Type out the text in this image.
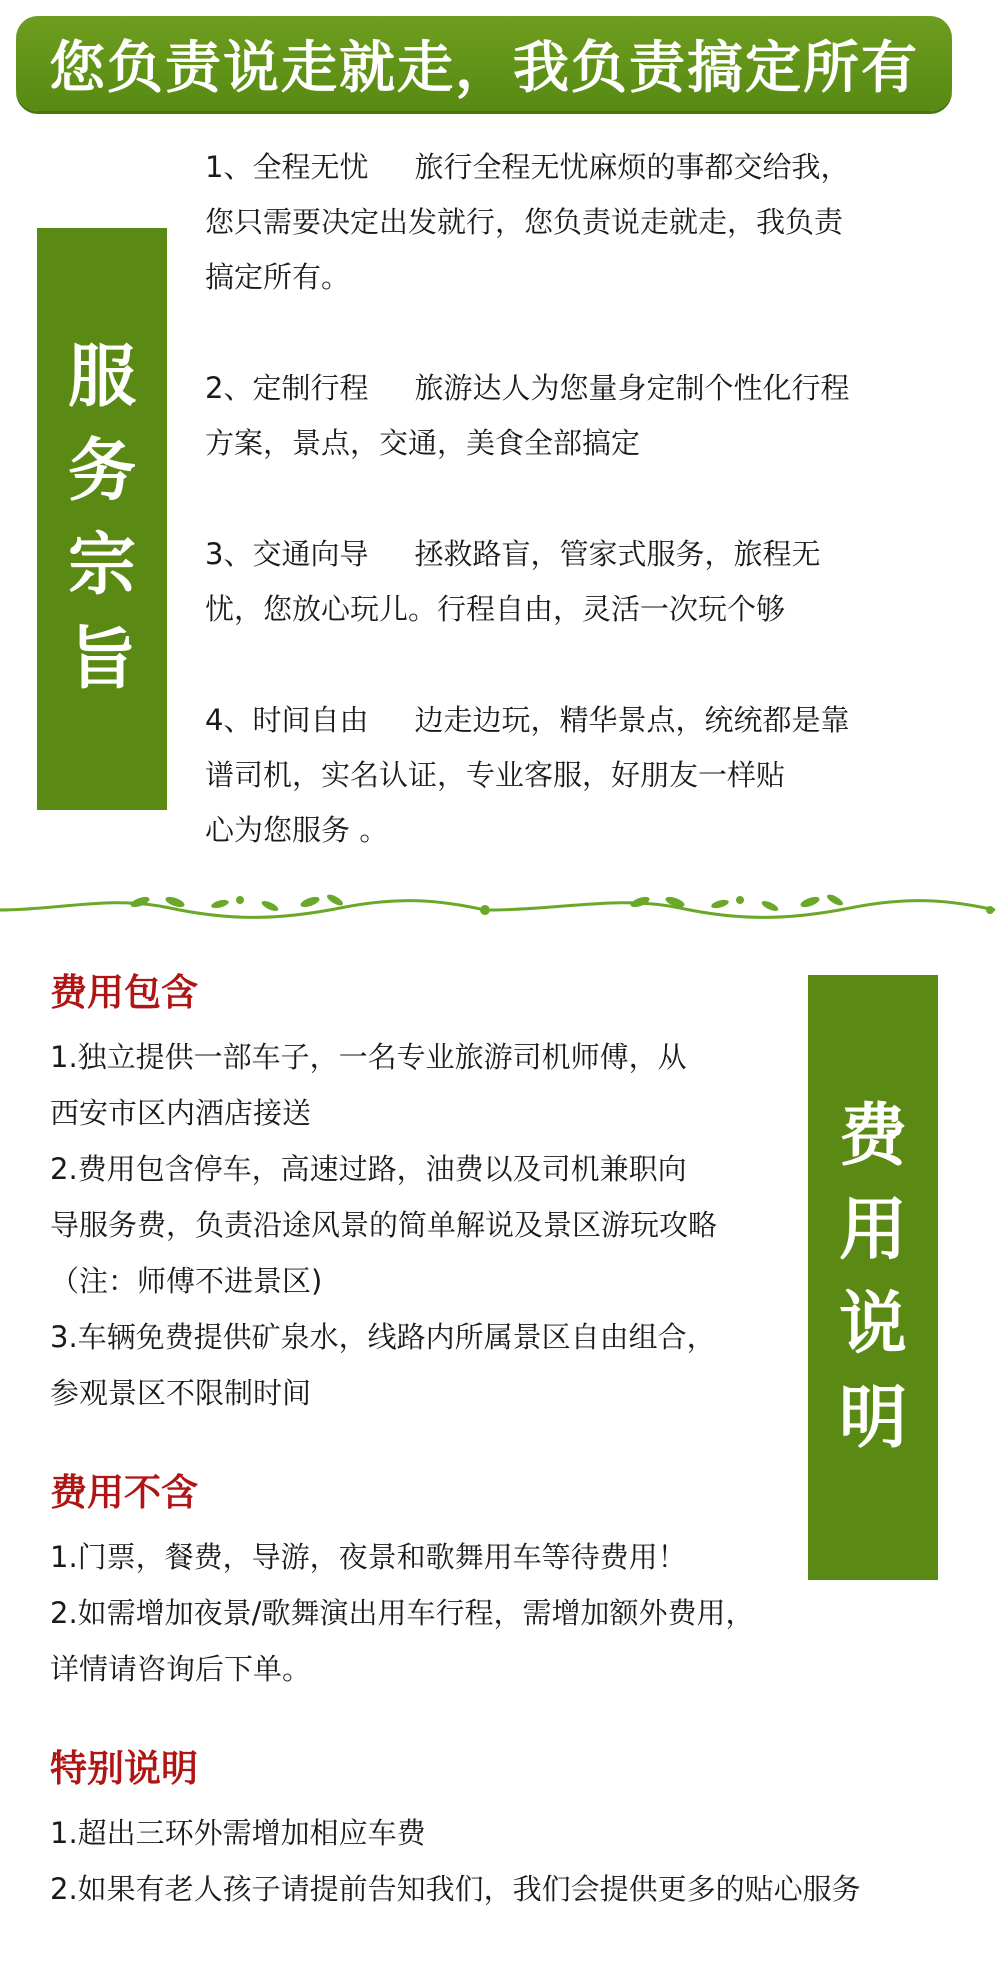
您负责说走就走，我负责搞定所有
服
务
宗
旨
1、全程无忧     旅行全程无忧麻烦的事都交给我，
您只需要决定出发就行，您负责说走就走，我负责
搞定所有。
2、定制行程     旅游达人为您量身定制个性化行程
方案，景点，交通，美食全部搞定
3、交通向导     拯救路盲，管家式服务，旅程无
忧，您放心玩儿。行程自由，灵活一次玩个够
4、时间自由     边走边玩，精华景点，统统都是靠
谱司机，实名认证，专业客服，好朋友一样贴
心为您服务 。
费
用
说
明
费用包含
1.独立提供一部车子，一名专业旅游司机师傅，从
西安市区内酒店接送
2.费用包含停车，高速过路，油费以及司机兼职向
导服务费，负责沿途风景的简单解说及景区游玩攻略
（注：师傅不进景区)
3.车辆免费提供矿泉水，线路内所属景区自由组合，
参观景区不限制时间
费用不含
1.门票，餐费，导游，夜景和歌舞用车等待费用！
2.如需增加夜景/歌舞演出用车行程，需增加额外费用，
详情请咨询后下单。
特别说明
1.超出三环外需增加相应车费
2.如果有老人孩子请提前告知我们，我们会提供更多的贴心服务
